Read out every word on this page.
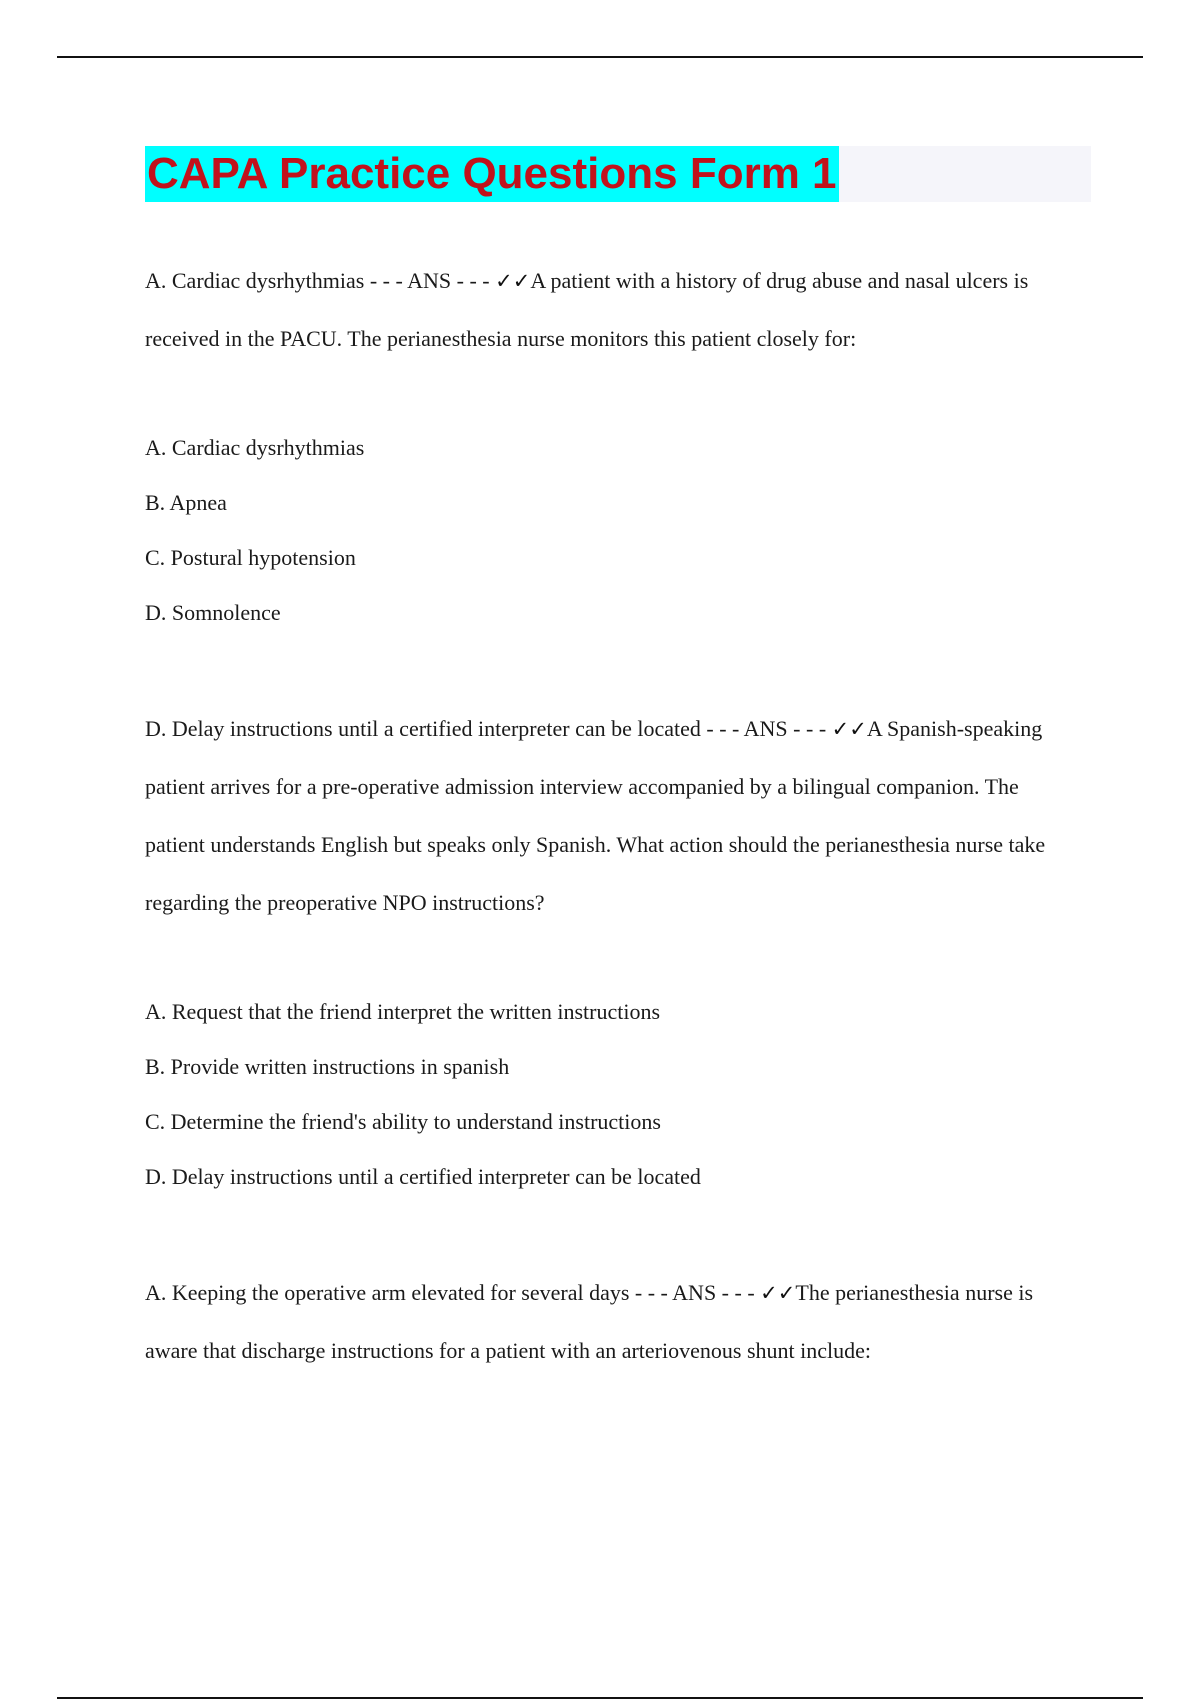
CAPA Practice Questions Form 1

A. Cardiac dysrhythmias - - - ANS - - - ✓✓A patient with a history of drug abuse and nasal ulcers is received in the PACU. The perianesthesia nurse monitors this patient closely for:

A. Cardiac dysrhythmias
B. Apnea
C. Postural hypotension
D. Somnolence

D. Delay instructions until a certified interpreter can be located - - - ANS - - - ✓✓A Spanish-speaking patient arrives for a pre-operative admission interview accompanied by a bilingual companion. The patient understands English but speaks only Spanish. What action should the perianesthesia nurse take regarding the preoperative NPO instructions?

A. Request that the friend interpret the written instructions
B. Provide written instructions in spanish
C. Determine the friend's ability to understand instructions
D. Delay instructions until a certified interpreter can be located

A. Keeping the operative arm elevated for several days - - - ANS - - - ✓✓The perianesthesia nurse is aware that discharge instructions for a patient with an arteriovenous shunt include:
